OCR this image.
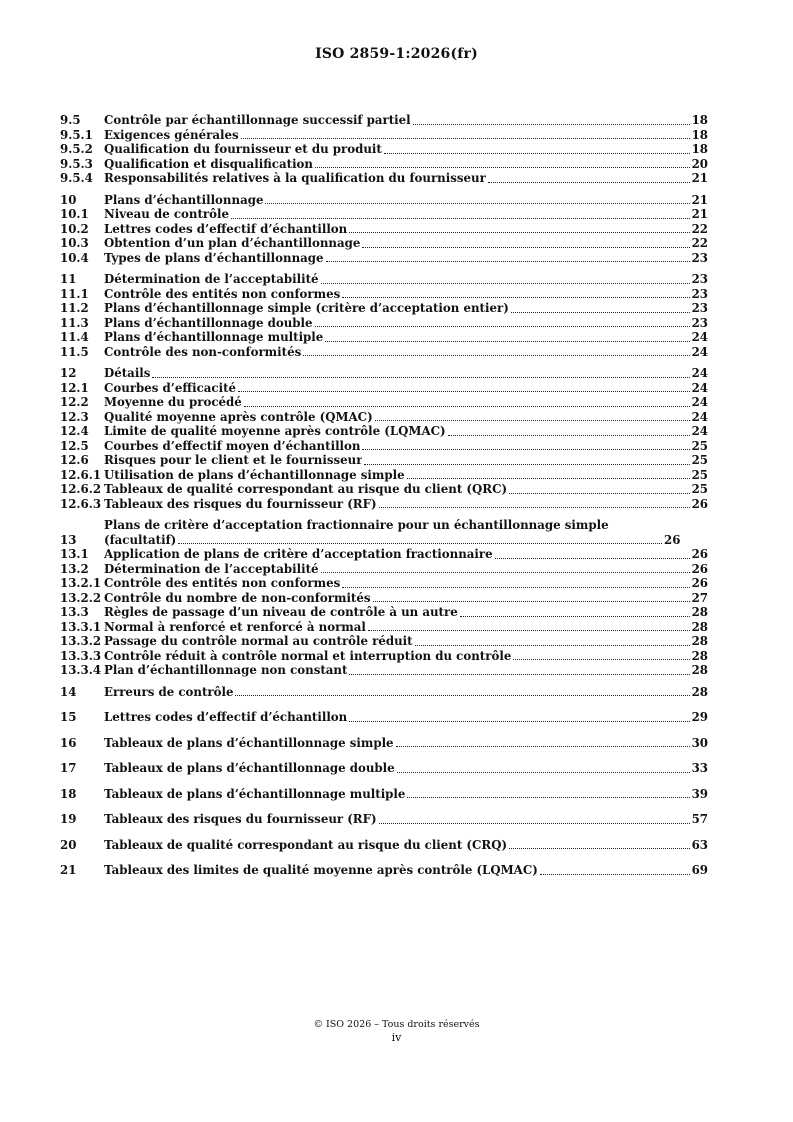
ISO 2859-1:2026(fr)
9.5	Contrôle par échantillonnage successif partiel	18
9.5.1 Exigences générales	18
9.5.2 Qualification du fournisseur et du produit	18
9.5.3 Qualification et disqualification	20
9.5.4 Responsabilités relatives à la qualification du fournisseur	21
10	Plans d’échantillonnage	21
10.1	Niveau de contrôle	21
10.2	Lettres codes d’effectif d’échantillon	22
10.3	Obtention d’un plan d’échantillonnage	22
10.4	Types de plans d’échantillonnage	23
11	Détermination de l’acceptabilité	23
11.1	Contrôle des entités non conformes	23
11.2	Plans d’échantillonnage simple (critère d’acceptation entier)	23
11.3	Plans d’échantillonnage double	23
11.4	Plans d’échantillonnage multiple	24
11.5	Contrôle des non-conformités	24
12	Détails	24
12.1	Courbes d’efficacité	24
12.2	Moyenne du procédé	24
12.3	Qualité moyenne après contrôle (QMAC)	24
12.4	Limite de qualité moyenne après contrôle (LQMAC)	24
12.5	Courbes d’effectif moyen d’échantillon	25
12.6	Risques pour le client et le fournisseur	25
12.6.1 Utilisation de plans d’échantillonnage simple	25
12.6.2 Tableaux de qualité correspondant au risque du client (QRC)	25
12.6.3 Tableaux des risques du fournisseur (RF)	26
13
Plans de critère d’acceptation fractionnaire pour un échantillonnage simple
(facultatif)	26
13.1	Application de plans de critère d’acceptation fractionnaire	26
13.2	Détermination de l’acceptabilité	26
13.2.1 Contrôle des entités non conformes	26
13.2.2 Contrôle du nombre de non-conformités	27
13.3	Règles de passage d’un niveau de contrôle à un autre	28
13.3.1 Normal à renforcé et renforcé à normal	28
13.3.2 Passage du contrôle normal au contrôle réduit	28
13.3.3 Contrôle réduit à contrôle normal et interruption du contrôle	28
13.3.4 Plan d’échantillonnage non constant	28
14	Erreurs de contrôle	28
15	Lettres codes d’effectif d’échantillon	29
16	Tableaux de plans d’échantillonnage simple	30
17	Tableaux de plans d’échantillonnage double	33
18	Tableaux de plans d’échantillonnage multiple	39
19	Tableaux des risques du fournisseur (RF)	57
20	Tableaux de qualité correspondant au risque du client (CRQ)	63
21	Tableaux des limites de qualité moyenne après contrôle (LQMAC)	69
© ISO 2026 – Tous droits réservés
iv
